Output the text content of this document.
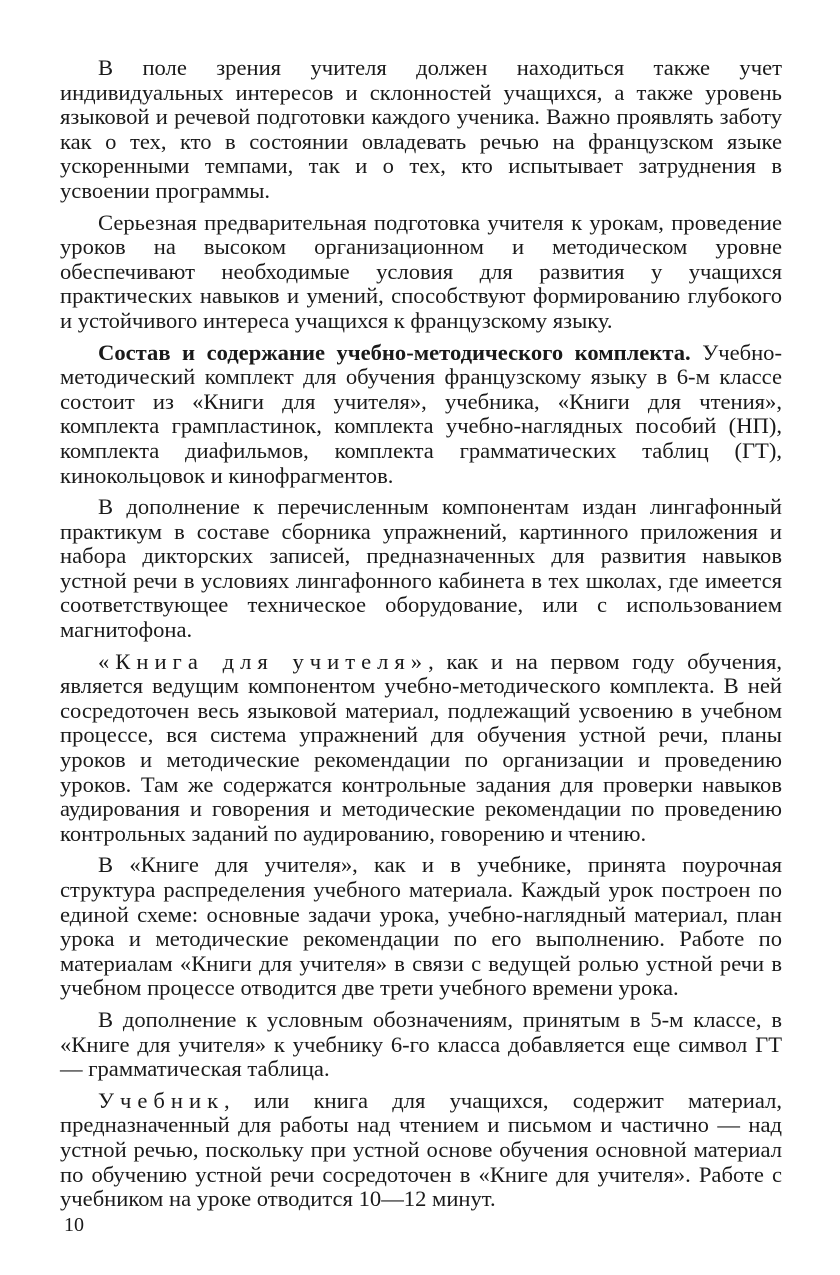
В поле зрения учителя должен находиться также учет индивидуальных интересов и склонностей учащихся, а также уровень языковой и речевой подготовки каждого ученика. Важно проявлять заботу как о тех, кто в состоянии овладевать речью на французском языке ускоренными темпами, так и о тех, кто испытывает затруднения в усвоении программы.

Серьезная предварительная подготовка учителя к урокам, проведение уроков на высоком организационном и методическом уровне обеспечивают необходимые условия для развития у учащихся практических навыков и умений, способствуют формированию глубокого и устойчивого интереса учащихся к французскому языку.

Состав и содержание учебно-методического комплекта. Учебно-методический комплект для обучения французскому языку в 6-м классе состоит из «Книги для учителя», учебника, «Книги для чтения», комплекта грампластинок, комплекта учебно-наглядных пособий (НП), комплекта диафильмов, комплекта грамматических таблиц (ГТ), кинокольцовок и кинофрагментов.

В дополнение к перечисленным компонентам издан лингафонный практикум в составе сборника упражнений, картинного приложения и набора дикторских записей, предназначенных для развития навыков устной речи в условиях лингафонного кабинета в тех школах, где имеется соответствующее техническое оборудование, или с использованием магнитофона.

«Книга для учителя», как и на первом году обучения, является ведущим компонентом учебно-методического комплекта. В ней сосредоточен весь языковой материал, подлежащий усвоению в учебном процессе, вся система упражнений для обучения устной речи, планы уроков и методические рекомендации по организации и проведению уроков. Там же содержатся контрольные задания для проверки навыков аудирования и говорения и методические рекомендации по проведению контрольных заданий по аудированию, говорению и чтению.

В «Книге для учителя», как и в учебнике, принята поурочная структура распределения учебного материала. Каждый урок построен по единой схеме: основные задачи урока, учебно-наглядный материал, план урока и методические рекомендации по его выполнению. Работе по материалам «Книги для учителя» в связи с ведущей ролью устной речи в учебном процессе отводится две трети учебного времени урока.

В дополнение к условным обозначениям, принятым в 5-м классе, в «Книге для учителя» к учебнику 6-го класса добавляется еще символ ГТ — грамматическая таблица.

Учебник, или книга для учащихся, содержит материал, предназначенный для работы над чтением и письмом и частично — над устной речью, поскольку при устной основе обучения основной материал по обучению устной речи сосредоточен в «Книге для учителя». Работе с учебником на уроке отводится 10—12 минут.

10
